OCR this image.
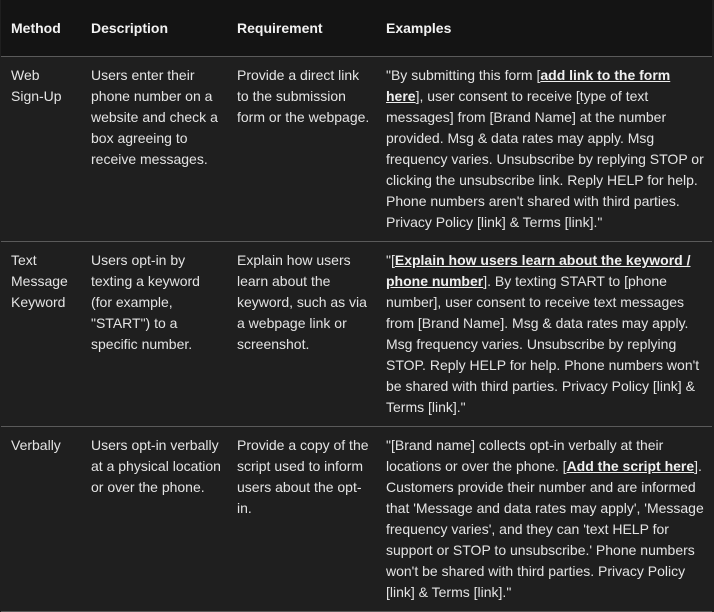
Method	Description	Requirement	Examples
Web Sign-Up	Users enter their phone number on a website and check a box agreeing to receive messages.	Provide a direct link to the submission form or the webpage.	"By submitting this form [add link to the form here], user consent to receive [type of text messages] from [Brand Name] at the number provided. Msg & data rates may apply. Msg frequency varies. Unsubscribe by replying STOP or clicking the unsubscribe link. Reply HELP for help. Phone numbers aren't shared with third parties. Privacy Policy [link] & Terms [link]."
Text Message Keyword	Users opt-in by texting a keyword (for example, "START") to a specific number.	Explain how users learn about the keyword, such as via a webpage link or screenshot.	"[Explain how users learn about the keyword / phone number]. By texting START to [phone number], user consent to receive text messages from [Brand Name]. Msg & data rates may apply. Msg frequency varies. Unsubscribe by replying STOP. Reply HELP for help. Phone numbers won't be shared with third parties. Privacy Policy [link] & Terms [link]."
Verbally	Users opt-in verbally at a physical location or over the phone.	Provide a copy of the script used to inform users about the opt-in.	"[Brand name] collects opt-in verbally at their locations or over the phone. [Add the script here]. Customers provide their number and are informed that 'Message and data rates may apply', 'Message frequency varies', and they can 'text HELP for support or STOP to unsubscribe.' Phone numbers won't be shared with third parties. Privacy Policy [link] & Terms [link]."
